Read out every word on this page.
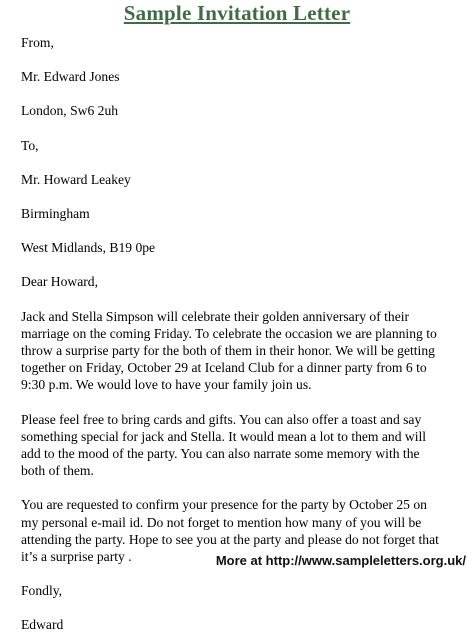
Sample Invitation Letter

From,

Mr. Edward Jones

London, Sw6 2uh

To,

Mr. Howard Leakey

Birmingham

West Midlands, B19 0pe

Dear Howard,

Jack and Stella Simpson will celebrate their golden anniversary of their

marriage on the coming Friday. To celebrate the occasion we are planning to

throw a surprise party for the both of them in their honor. We will be getting

together on Friday, October 29 at Iceland Club for a dinner party from 6 to

9:30 p.m. We would love to have your family join us.

Please feel free to bring cards and gifts. You can also offer a toast and say

something special for jack and Stella. It would mean a lot to them and will

add to the mood of the party. You can also narrate some memory with the

both of them.

You are requested to confirm your presence for the party by October 25 on

my personal e-mail id. Do not forget to mention how many of you will be

attending the party. Hope to see you at the party and please do not forget that

it’s a surprise party .

Fondly,

Edward

More at http://www.sampleletters.org.uk/
